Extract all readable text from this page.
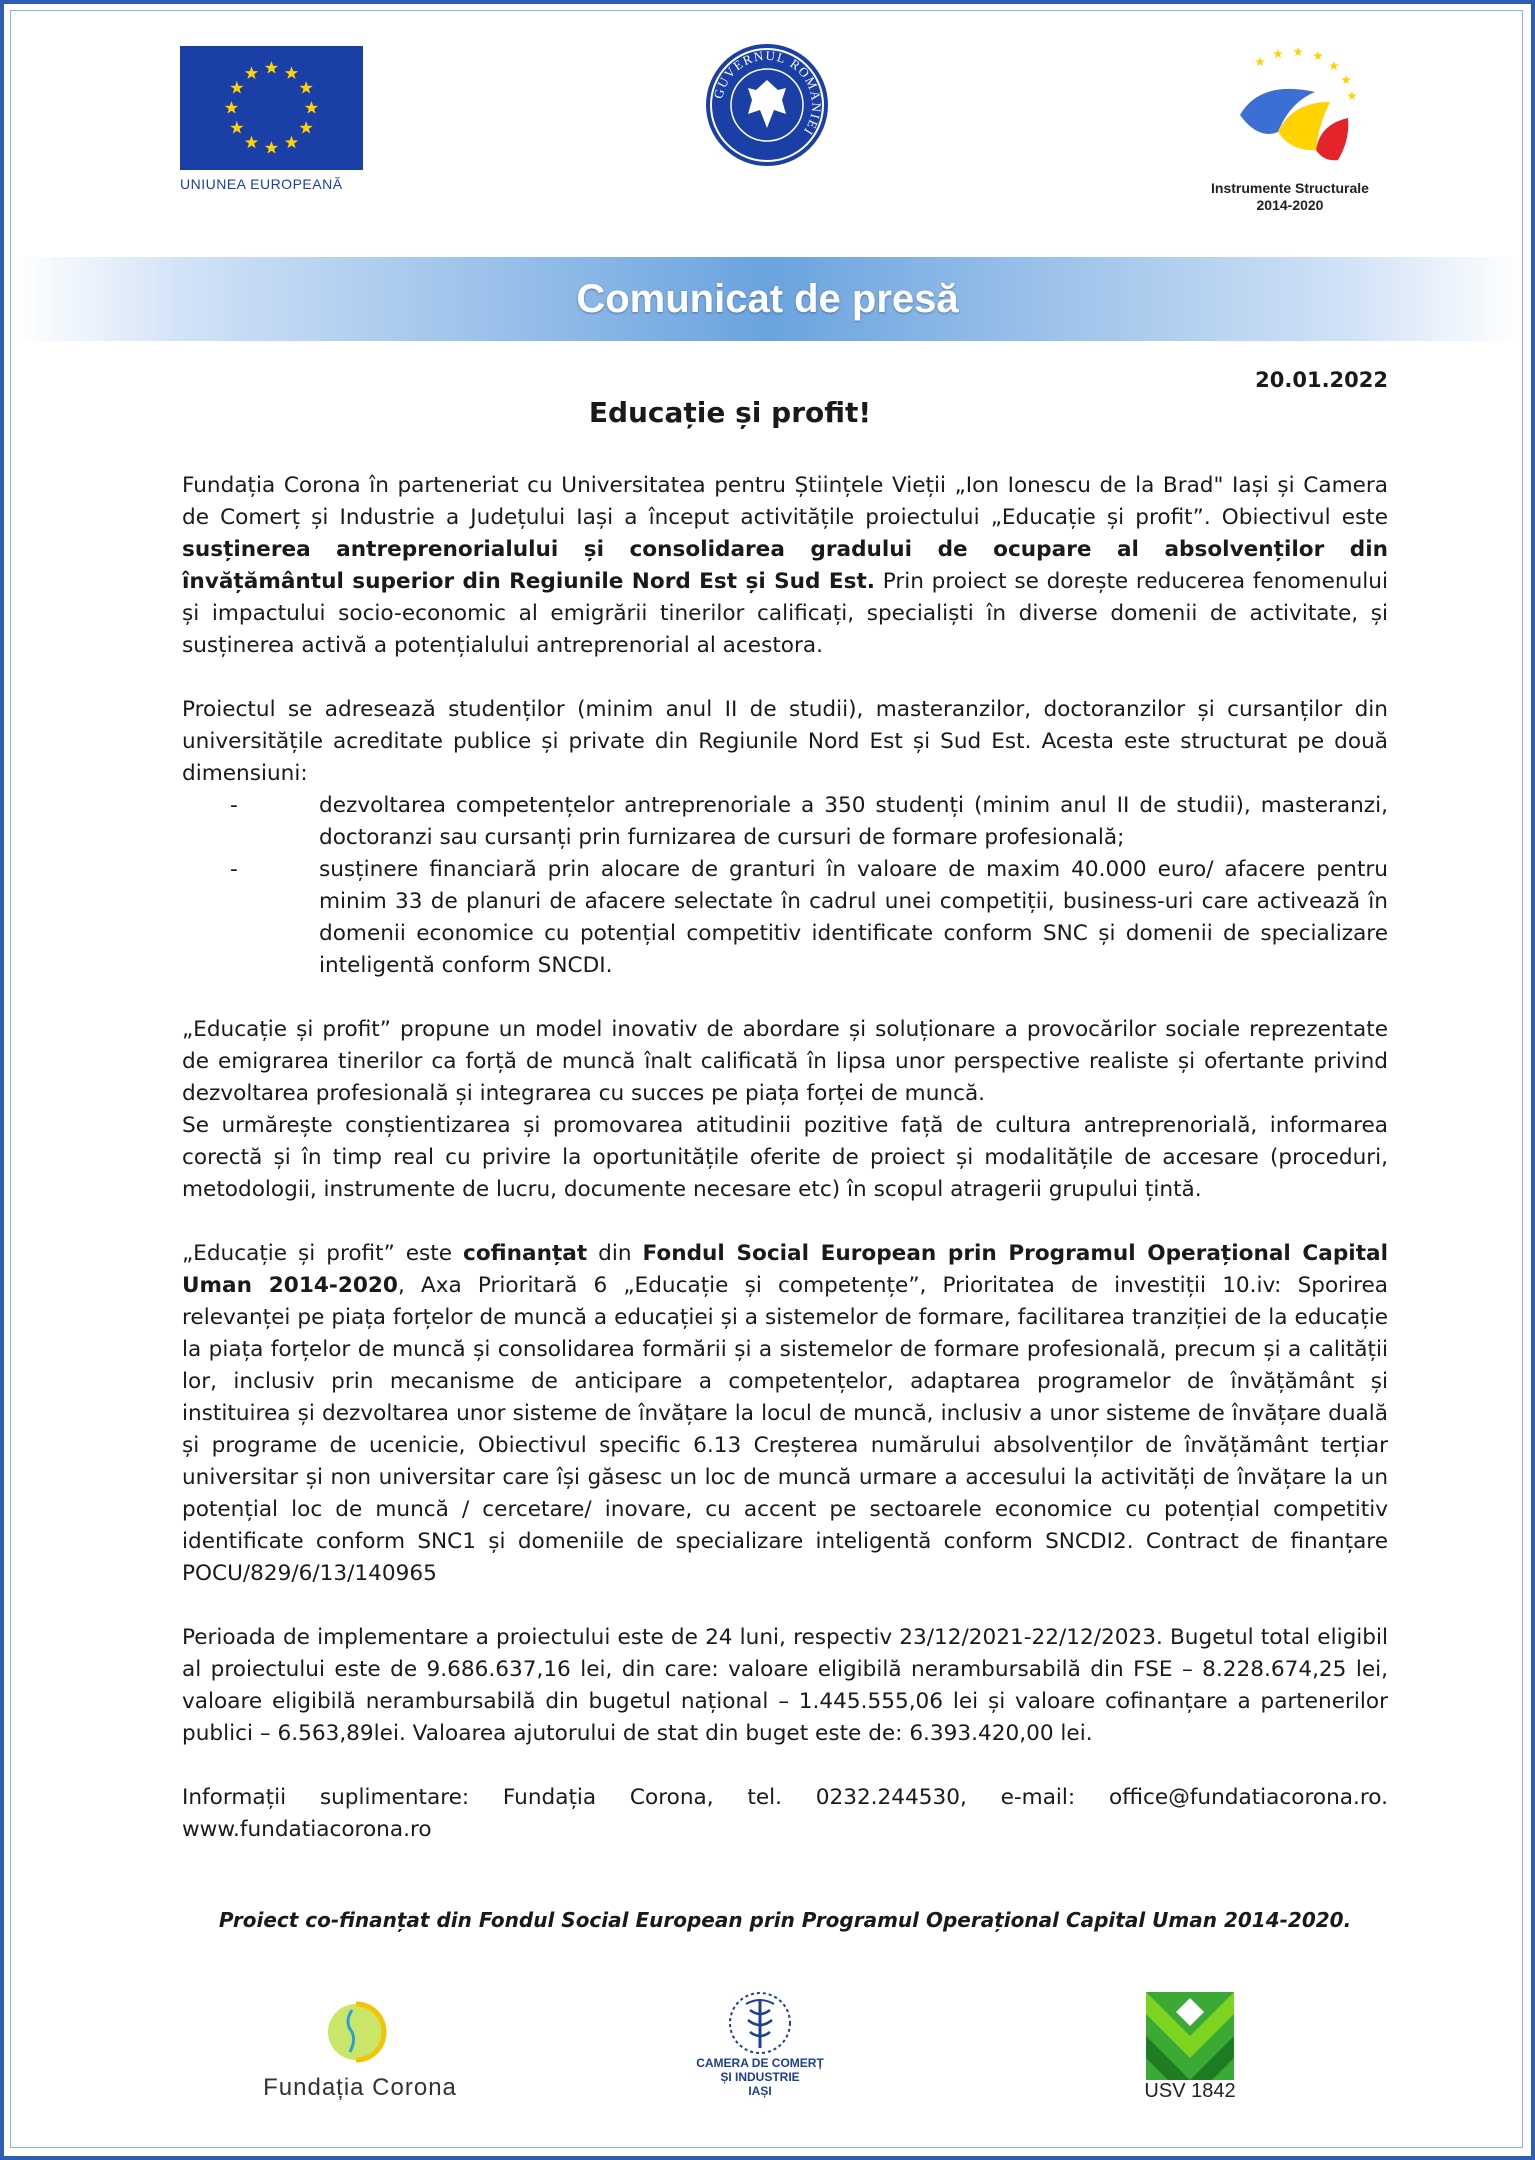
UNIUNEA EUROPEANĂ
GUVERNUL ROMÂNIEI
Instrumente Structurale
2014-2020
Comunicat de presă
20.01.2022
Educație și profit!

Fundația Corona în parteneriat cu Universitatea pentru Științele Vieții „Ion Ionescu de la Brad" Iași și Camera de Comerț și Industrie a Județului Iași a început activitățile proiectului „Educație și profit”. Obiectivul este susținerea antreprenorialului și consolidarea gradului de ocupare al absolvenților din învățământul superior din Regiunile Nord Est și Sud Est. Prin proiect se dorește reducerea fenomenului și impactului socio-economic al emigrării tinerilor calificați, specialiști în diverse domenii de activitate, și susținerea activă a potențialului antreprenorial al acestora.

Proiectul se adresează studenților (minim anul II de studii), masteranzilor, doctoranzilor și cursanților din universitățile acreditate publice și private din Regiunile Nord Est și Sud Est. Acesta este structurat pe două dimensiuni:

-	dezvoltarea competențelor antreprenoriale a 350 studenți (minim anul II de studii), masteranzi, doctoranzi sau cursanți prin furnizarea de cursuri de formare profesională;
-	susținere financiară prin alocare de granturi în valoare de maxim 40.000 euro/ afacere pentru minim 33 de planuri de afacere selectate în cadrul unei competiții, business-uri care activează în domenii economice cu potențial competitiv identificate conform SNC și domenii de specializare inteligentă conform SNCDI.

„Educație și profit” propune un model inovativ de abordare și soluționare a provocărilor sociale reprezentate de emigrarea tinerilor ca forță de muncă înalt calificată în lipsa unor perspective realiste și ofertante privind dezvoltarea profesională și integrarea cu succes pe piața forței de muncă.

Se urmărește conștientizarea și promovarea atitudinii pozitive față de cultura antreprenorială, informarea corectă și în timp real cu privire la oportunitățile oferite de proiect și modalitățile de accesare (proceduri, metodologii, instrumente de lucru, documente necesare etc) în scopul atragerii grupului țintă.

„Educație și profit” este cofinanțat din Fondul Social European prin Programul Operațional Capital Uman 2014-2020, Axa Prioritară 6 „Educație și competențe”, Prioritatea de investiții 10.iv: Sporirea relevanței pe piața forțelor de muncă a educației și a sistemelor de formare, facilitarea tranziției de la educație la piața forțelor de muncă și consolidarea formării și a sistemelor de formare profesională, precum și a calității lor, inclusiv prin mecanisme de anticipare a competențelor, adaptarea programelor de învățământ și instituirea și dezvoltarea unor sisteme de învățare la locul de muncă, inclusiv a unor sisteme de învățare duală și programe de ucenicie, Obiectivul specific 6.13 Creșterea numărului absolvenților de învățământ terțiar universitar și non universitar care își găsesc un loc de muncă urmare a accesului la activități de învățare la un potențial loc de muncă / cercetare/ inovare, cu accent pe sectoarele economice cu potențial competitiv identificate conform SNC1 și domeniile de specializare inteligentă conform SNCDI2. Contract de finanțare POCU/829/6/13/140965

Perioada de implementare a proiectului este de 24 luni, respectiv 23/12/2021-22/12/2023. Bugetul total eligibil al proiectului este de 9.686.637,16 lei, din care: valoare eligibilă nerambursabilă din FSE – 8.228.674,25 lei, valoare eligibilă nerambursabilă din bugetul național – 1.445.555,06 lei și valoare cofinanțare a partenerilor publici – 6.563,89lei. Valoarea ajutorului de stat din buget este de: 6.393.420,00 lei.

Informații suplimentare: Fundația Corona, tel. 0232.244530, e-mail: office@fundatiacorona.ro. www.fundatiacorona.ro

Proiect co-finanțat din Fondul Social European prin Programul Operațional Capital Uman 2014-2020.
Fundația Corona
CAMERA DE COMERȚ
ȘI INDUSTRIE
IAȘI	USV 1842
